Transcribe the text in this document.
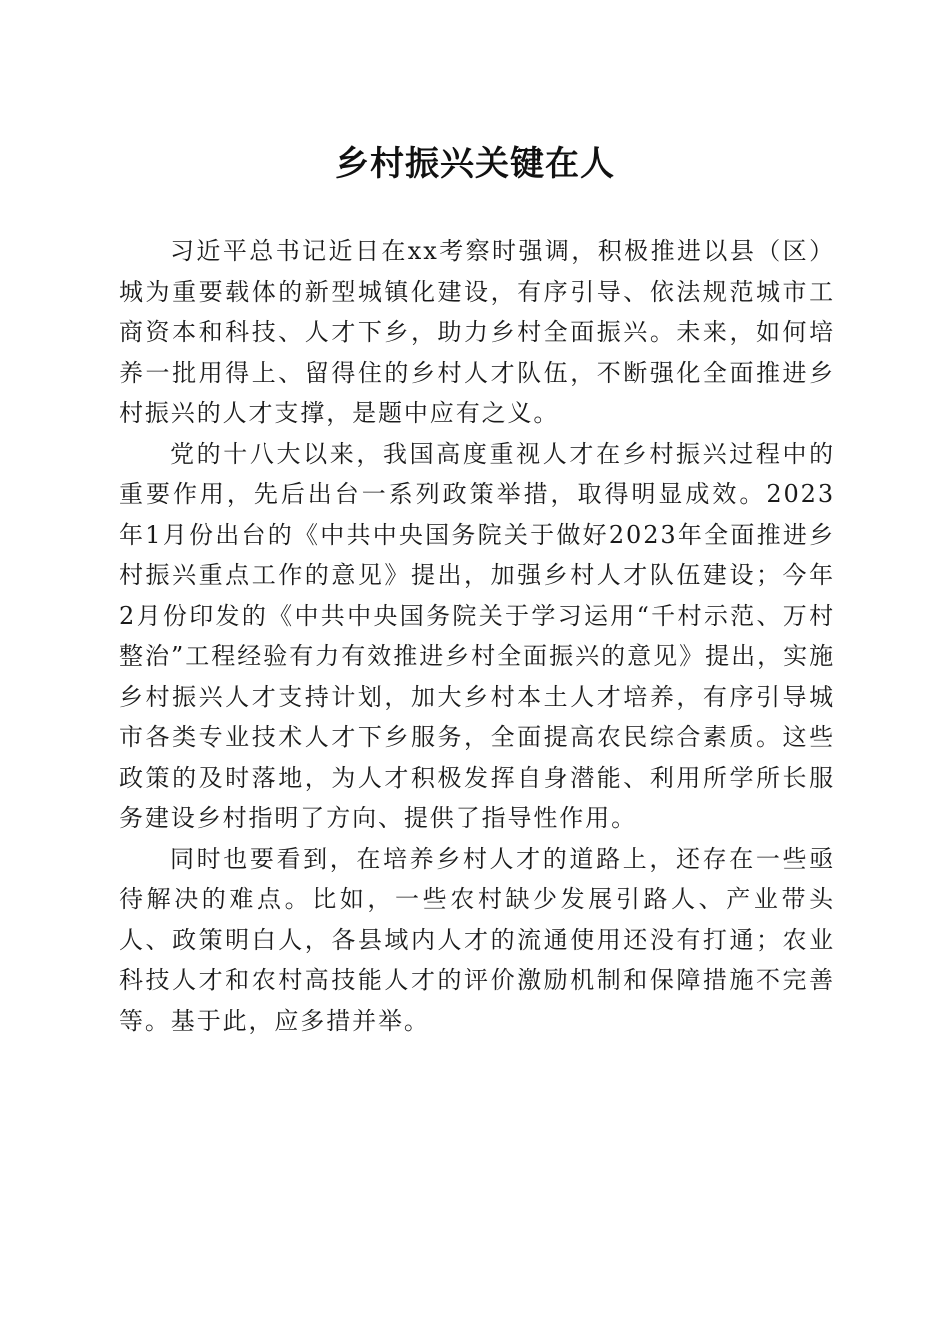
乡村振兴关键在人

习近平总书记近日在xx考察时强调，积极推进以县（区）城为重要载体的新型城镇化建设，有序引导、依法规范城市工商资本和科技、人才下乡，助力乡村全面振兴。未来，如何培养一批用得上、留得住的乡村人才队伍，不断强化全面推进乡村振兴的人才支撑，是题中应有之义。

党的十八大以来，我国高度重视人才在乡村振兴过程中的重要作用，先后出台一系列政策举措，取得明显成效。2023年1月份出台的《中共中央国务院关于做好2023年全面推进乡村振兴重点工作的意见》提出，加强乡村人才队伍建设；今年2月份印发的《中共中央国务院关于学习运用“千村示范、万村整治”工程经验有力有效推进乡村全面振兴的意见》提出，实施乡村振兴人才支持计划，加大乡村本土人才培养，有序引导城市各类专业技术人才下乡服务，全面提高农民综合素质。这些政策的及时落地，为人才积极发挥自身潜能、利用所学所长服务建设乡村指明了方向、提供了指导性作用。

同时也要看到，在培养乡村人才的道路上，还存在一些亟待解决的难点。比如，一些农村缺少发展引路人、产业带头人、政策明白人，各县域内人才的流通使用还没有打通；农业科技人才和农村高技能人才的评价激励机制和保障措施不完善等。基于此，应多措并举。
